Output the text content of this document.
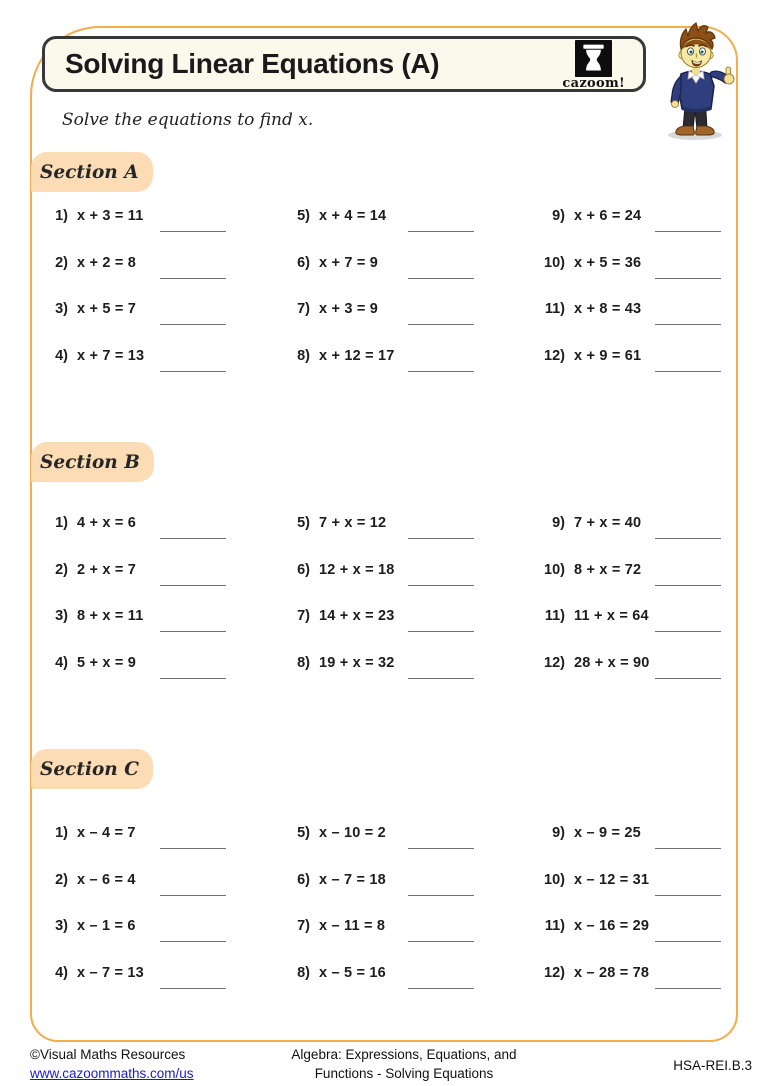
Solving Linear Equations (A)
cazoom!
Solve the equations to find x.
Section A
1) x + 3 = 11
2) x + 2 = 8
3) x + 5 = 7
4) x + 7 = 13
5) x + 4 = 14
6) x + 7 = 9
7) x + 3 = 9
8) x + 12 = 17
9) x + 6 = 24
10) x + 5 = 36
11) x + 8 = 43
12) x + 9 = 61
Section B
1) 4 + x = 6
2) 2 + x = 7
3) 8 + x = 11
4) 5 + x = 9
5) 7 + x = 12
6) 12 + x = 18
7) 14 + x = 23
8) 19 + x = 32
9) 7 + x = 40
10) 8 + x = 72
11) 11 + x = 64
12) 28 + x = 90
Section C
1) x – 4 = 7
2) x – 6 = 4
3) x – 1 = 6
4) x – 7 = 13
5) x – 10 = 2
6) x – 7 = 18
7) x – 11 = 8
8) x – 5 = 16
9) x – 9 = 25
10) x – 12 = 31
11) x – 16 = 29
12) x – 28 = 78
©Visual Maths Resources
www.cazoommaths.com/us
Algebra: Expressions, Equations, and
Functions - Solving Equations
HSA-REI.B.3
